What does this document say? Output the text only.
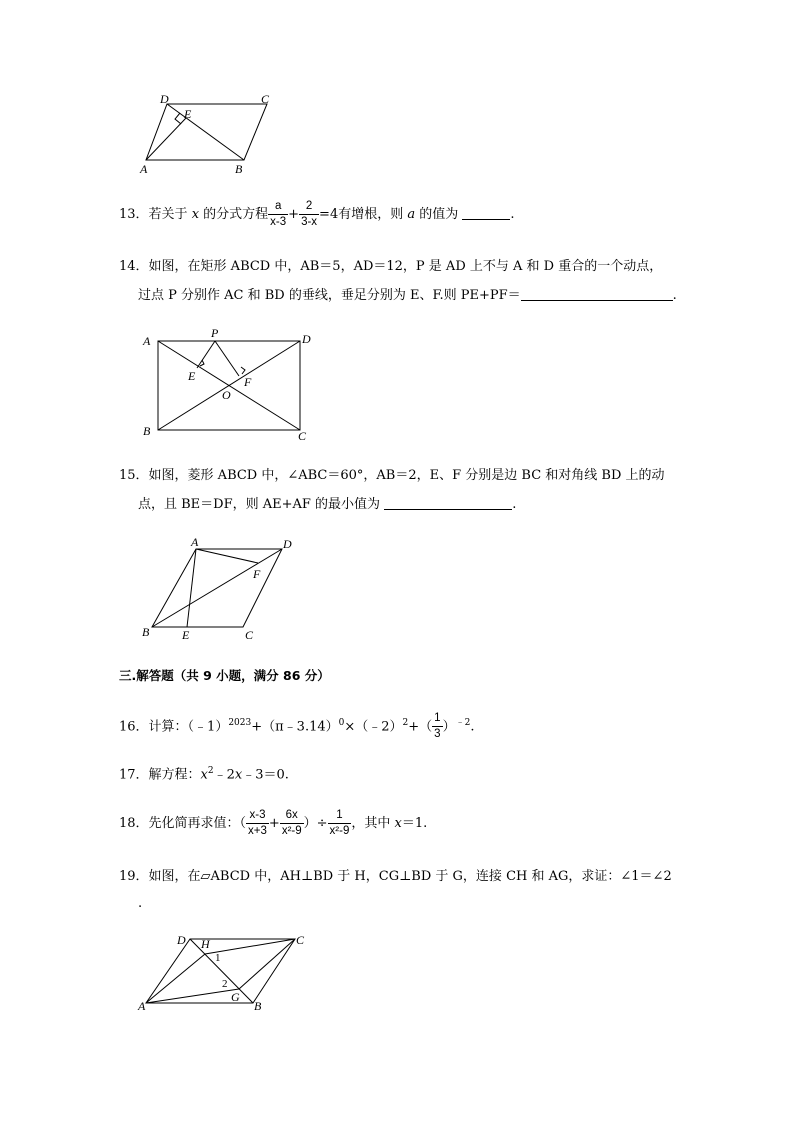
D	C
E
A	B
13．若关于 x 的分式方程 $\frac{a}{x-3} + \frac{2}{3-x} =4$有增根，则 a 的值为	.
14．如图，在矩形 ABCD 中，AB＝5，AD＝12，P 是 AD 上不与 A 和 D 重合的一个动点，
过点 P 分别作 AC 和 BD 的垂线，垂足分别为 E、F.则 PE+PF＝	.
A
P	D
E	F
O
B	C
15．如图，菱形 ABCD 中，∠ABC＝60°，AB＝2，E、F 分别是边 BC 和对角线 BD 上的动
点，且 BE＝DF，则 AE+AF 的最小值为	.
A	D
F
B	E	C
三.解答题（共 9 小题，满分 86 分）
16．计算：（﹣1）$^{2023}$+（π﹣3.14）$^0$×（﹣2）$^2$+（ $\frac{1}{3} )^{﹣2}$.
17．解方程：$x^2﹣2x﹣3=0$.
18．先化简再求值：（ $\frac{x-3}{x+3} + \frac{6x}{\text{x²-9}}$ ）÷ $\frac{1}{\text{x²-9}}$ ，其中 x＝1.
19．如图，在▱ABCD 中，AH⊥BD 于 H，CG⊥BD 于 G，连接 CH 和 AG，求证：∠1＝∠2
.
D H	C
1
2
G
A	B
